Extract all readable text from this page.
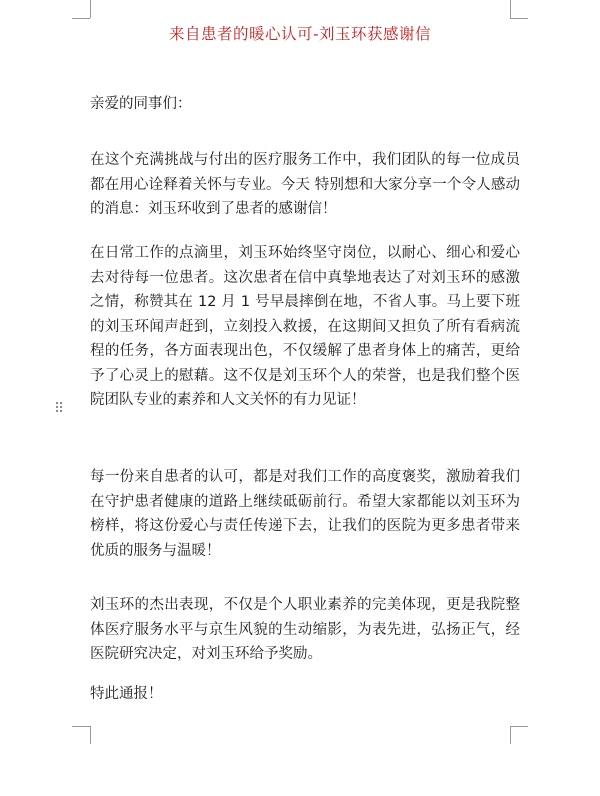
来自患者的暖心认可-刘玉环获感谢信
亲爱的同事们：

在这个充满挑战与付出的医疗服务工作中，我们团队的每一位成员都在用心诠释着关怀与专业。今天 特别想和大家分享一个令人感动的消息：刘玉环收到了患者的感谢信！

在日常工作的点滴里，刘玉环始终坚守岗位，以耐心、细心和爱心去对待每一位患者。这次患者在信中真挚地表达了对刘玉环的感激之情，称赞其在 12 月 1 号早晨摔倒在地，不省人事。马上要下班的刘玉环闻声赶到，立刻投入救援，在这期间又担负了所有看病流程的任务，各方面表现出色，不仅缓解了患者身体上的痛苦，更给予了心灵上的慰藉。这不仅是刘玉环个人的荣誉，也是我们整个医院团队专业的素养和人文关怀的有力见证！

每一份来自患者的认可，都是对我们工作的高度褒奖，激励着我们在守护患者健康的道路上继续砥砺前行。希望大家都能以刘玉环为榜样，将这份爱心与责任传递下去，让我们的医院为更多患者带来优质的服务与温暖！

刘玉环的杰出表现，不仅是个人职业素养的完美体现，更是我院整体医疗服务水平与京生风貌的生动缩影，为表先进，弘扬正气，经医院研究决定，对刘玉环给予奖励。

特此通报！

⠿
